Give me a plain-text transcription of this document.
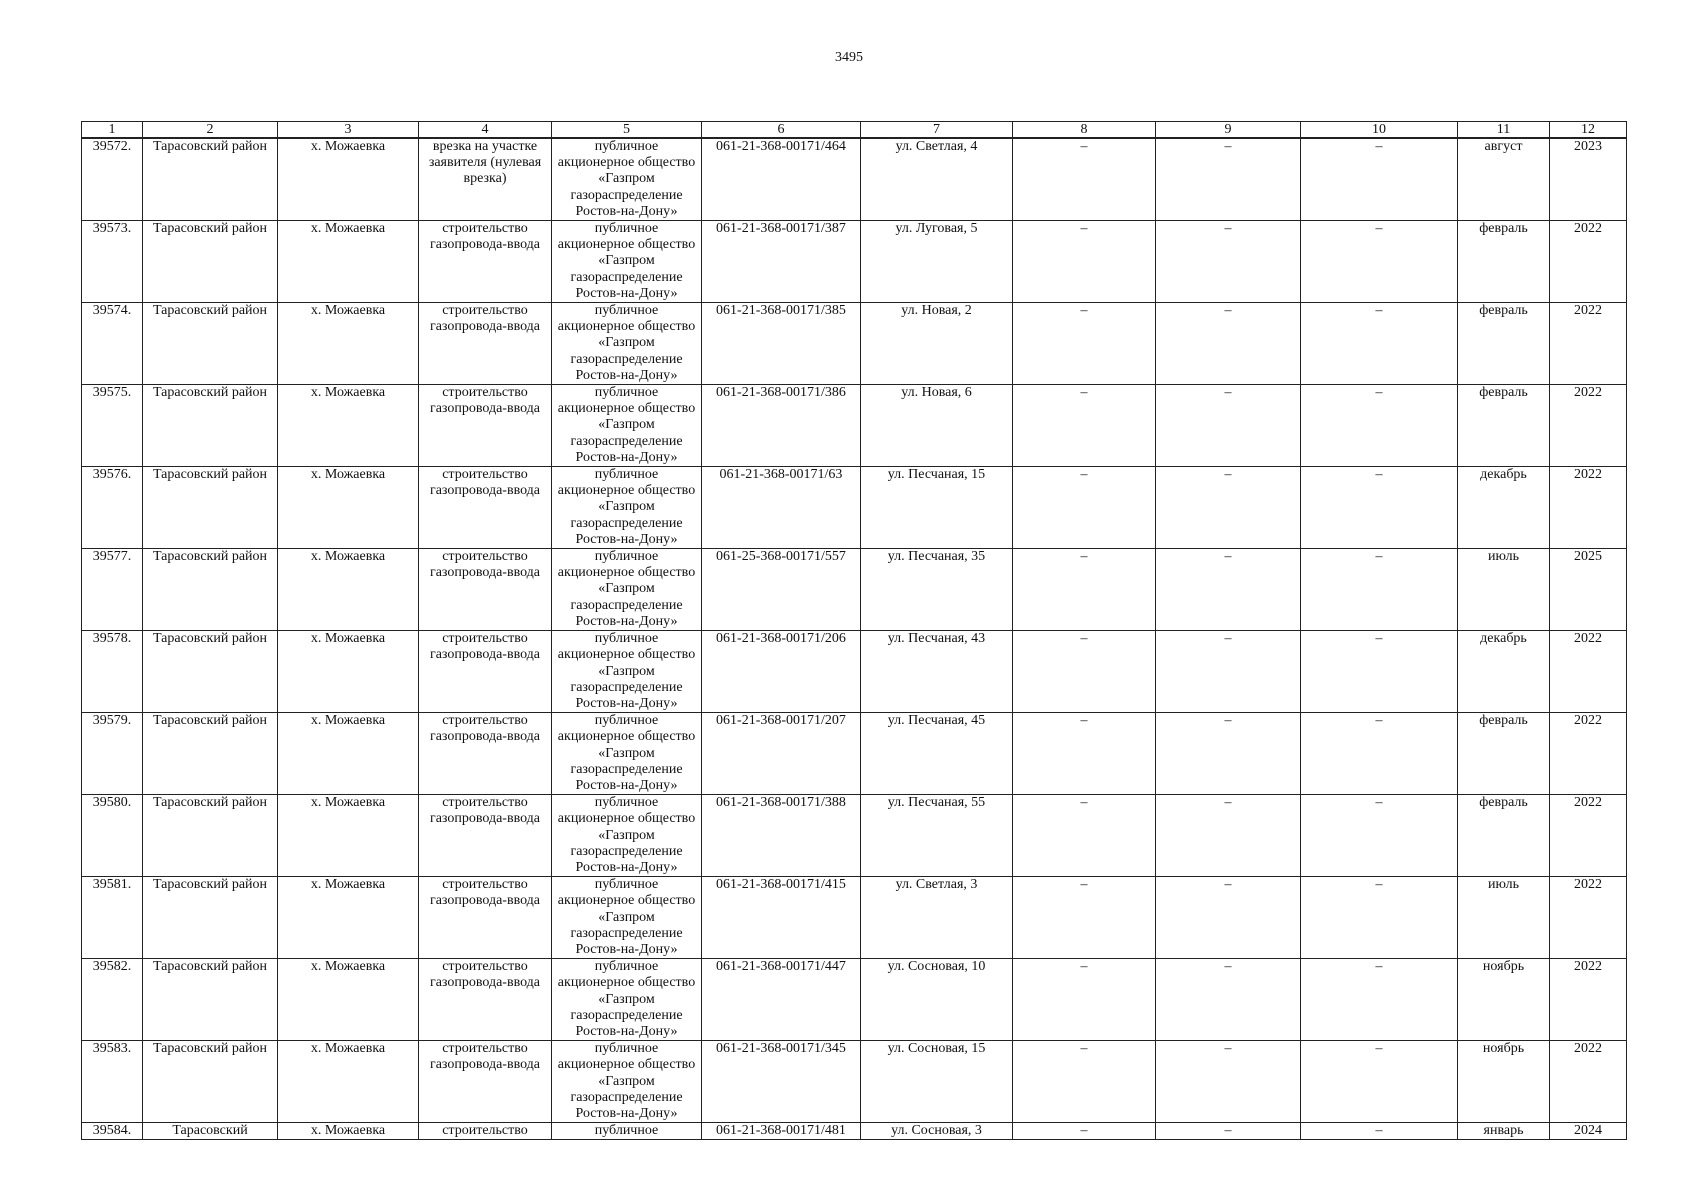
3495
1	2	3	4	5	6	7	8	9	10	11	12
39572.	Тарасовский район	х. Можаевка	врезка на участке заявителя (нулевая врезка)	публичное акционерное общество «Газпром газораспределение Ростов-на-Дону»	061-21-368-00171/464	ул. Светлая, 4	–	–	–	август	2023
39573.	Тарасовский район	х. Можаевка	строительство газопровода-ввода	публичное акционерное общество «Газпром газораспределение Ростов-на-Дону»	061-21-368-00171/387	ул. Луговая, 5	–	–	–	февраль	2022
39574.	Тарасовский район	х. Можаевка	строительство газопровода-ввода	публичное акционерное общество «Газпром газораспределение Ростов-на-Дону»	061-21-368-00171/385	ул. Новая, 2	–	–	–	февраль	2022
39575.	Тарасовский район	х. Можаевка	строительство газопровода-ввода	публичное акционерное общество «Газпром газораспределение Ростов-на-Дону»	061-21-368-00171/386	ул. Новая, 6	–	–	–	февраль	2022
39576.	Тарасовский район	х. Можаевка	строительство газопровода-ввода	публичное акционерное общество «Газпром газораспределение Ростов-на-Дону»	061-21-368-00171/63	ул. Песчаная, 15	–	–	–	декабрь	2022
39577.	Тарасовский район	х. Можаевка	строительство газопровода-ввода	публичное акционерное общество «Газпром газораспределение Ростов-на-Дону»	061-25-368-00171/557	ул. Песчаная, 35	–	–	–	июль	2025
39578.	Тарасовский район	х. Можаевка	строительство газопровода-ввода	публичное акционерное общество «Газпром газораспределение Ростов-на-Дону»	061-21-368-00171/206	ул. Песчаная, 43	–	–	–	декабрь	2022
39579.	Тарасовский район	х. Можаевка	строительство газопровода-ввода	публичное акционерное общество «Газпром газораспределение Ростов-на-Дону»	061-21-368-00171/207	ул. Песчаная, 45	–	–	–	февраль	2022
39580.	Тарасовский район	х. Можаевка	строительство газопровода-ввода	публичное акционерное общество «Газпром газораспределение Ростов-на-Дону»	061-21-368-00171/388	ул. Песчаная, 55	–	–	–	февраль	2022
39581.	Тарасовский район	х. Можаевка	строительство газопровода-ввода	публичное акционерное общество «Газпром газораспределение Ростов-на-Дону»	061-21-368-00171/415	ул. Светлая, 3	–	–	–	июль	2022
39582.	Тарасовский район	х. Можаевка	строительство газопровода-ввода	публичное акционерное общество «Газпром газораспределение Ростов-на-Дону»	061-21-368-00171/447	ул. Сосновая, 10	–	–	–	ноябрь	2022
39583.	Тарасовский район	х. Можаевка	строительство газопровода-ввода	публичное акционерное общество «Газпром газораспределение Ростов-на-Дону»	061-21-368-00171/345	ул. Сосновая, 15	–	–	–	ноябрь	2022
39584.	Тарасовский	х. Можаевка	строительство	публичное	061-21-368-00171/481	ул. Сосновая, 3	–	–	–	январь	2024
